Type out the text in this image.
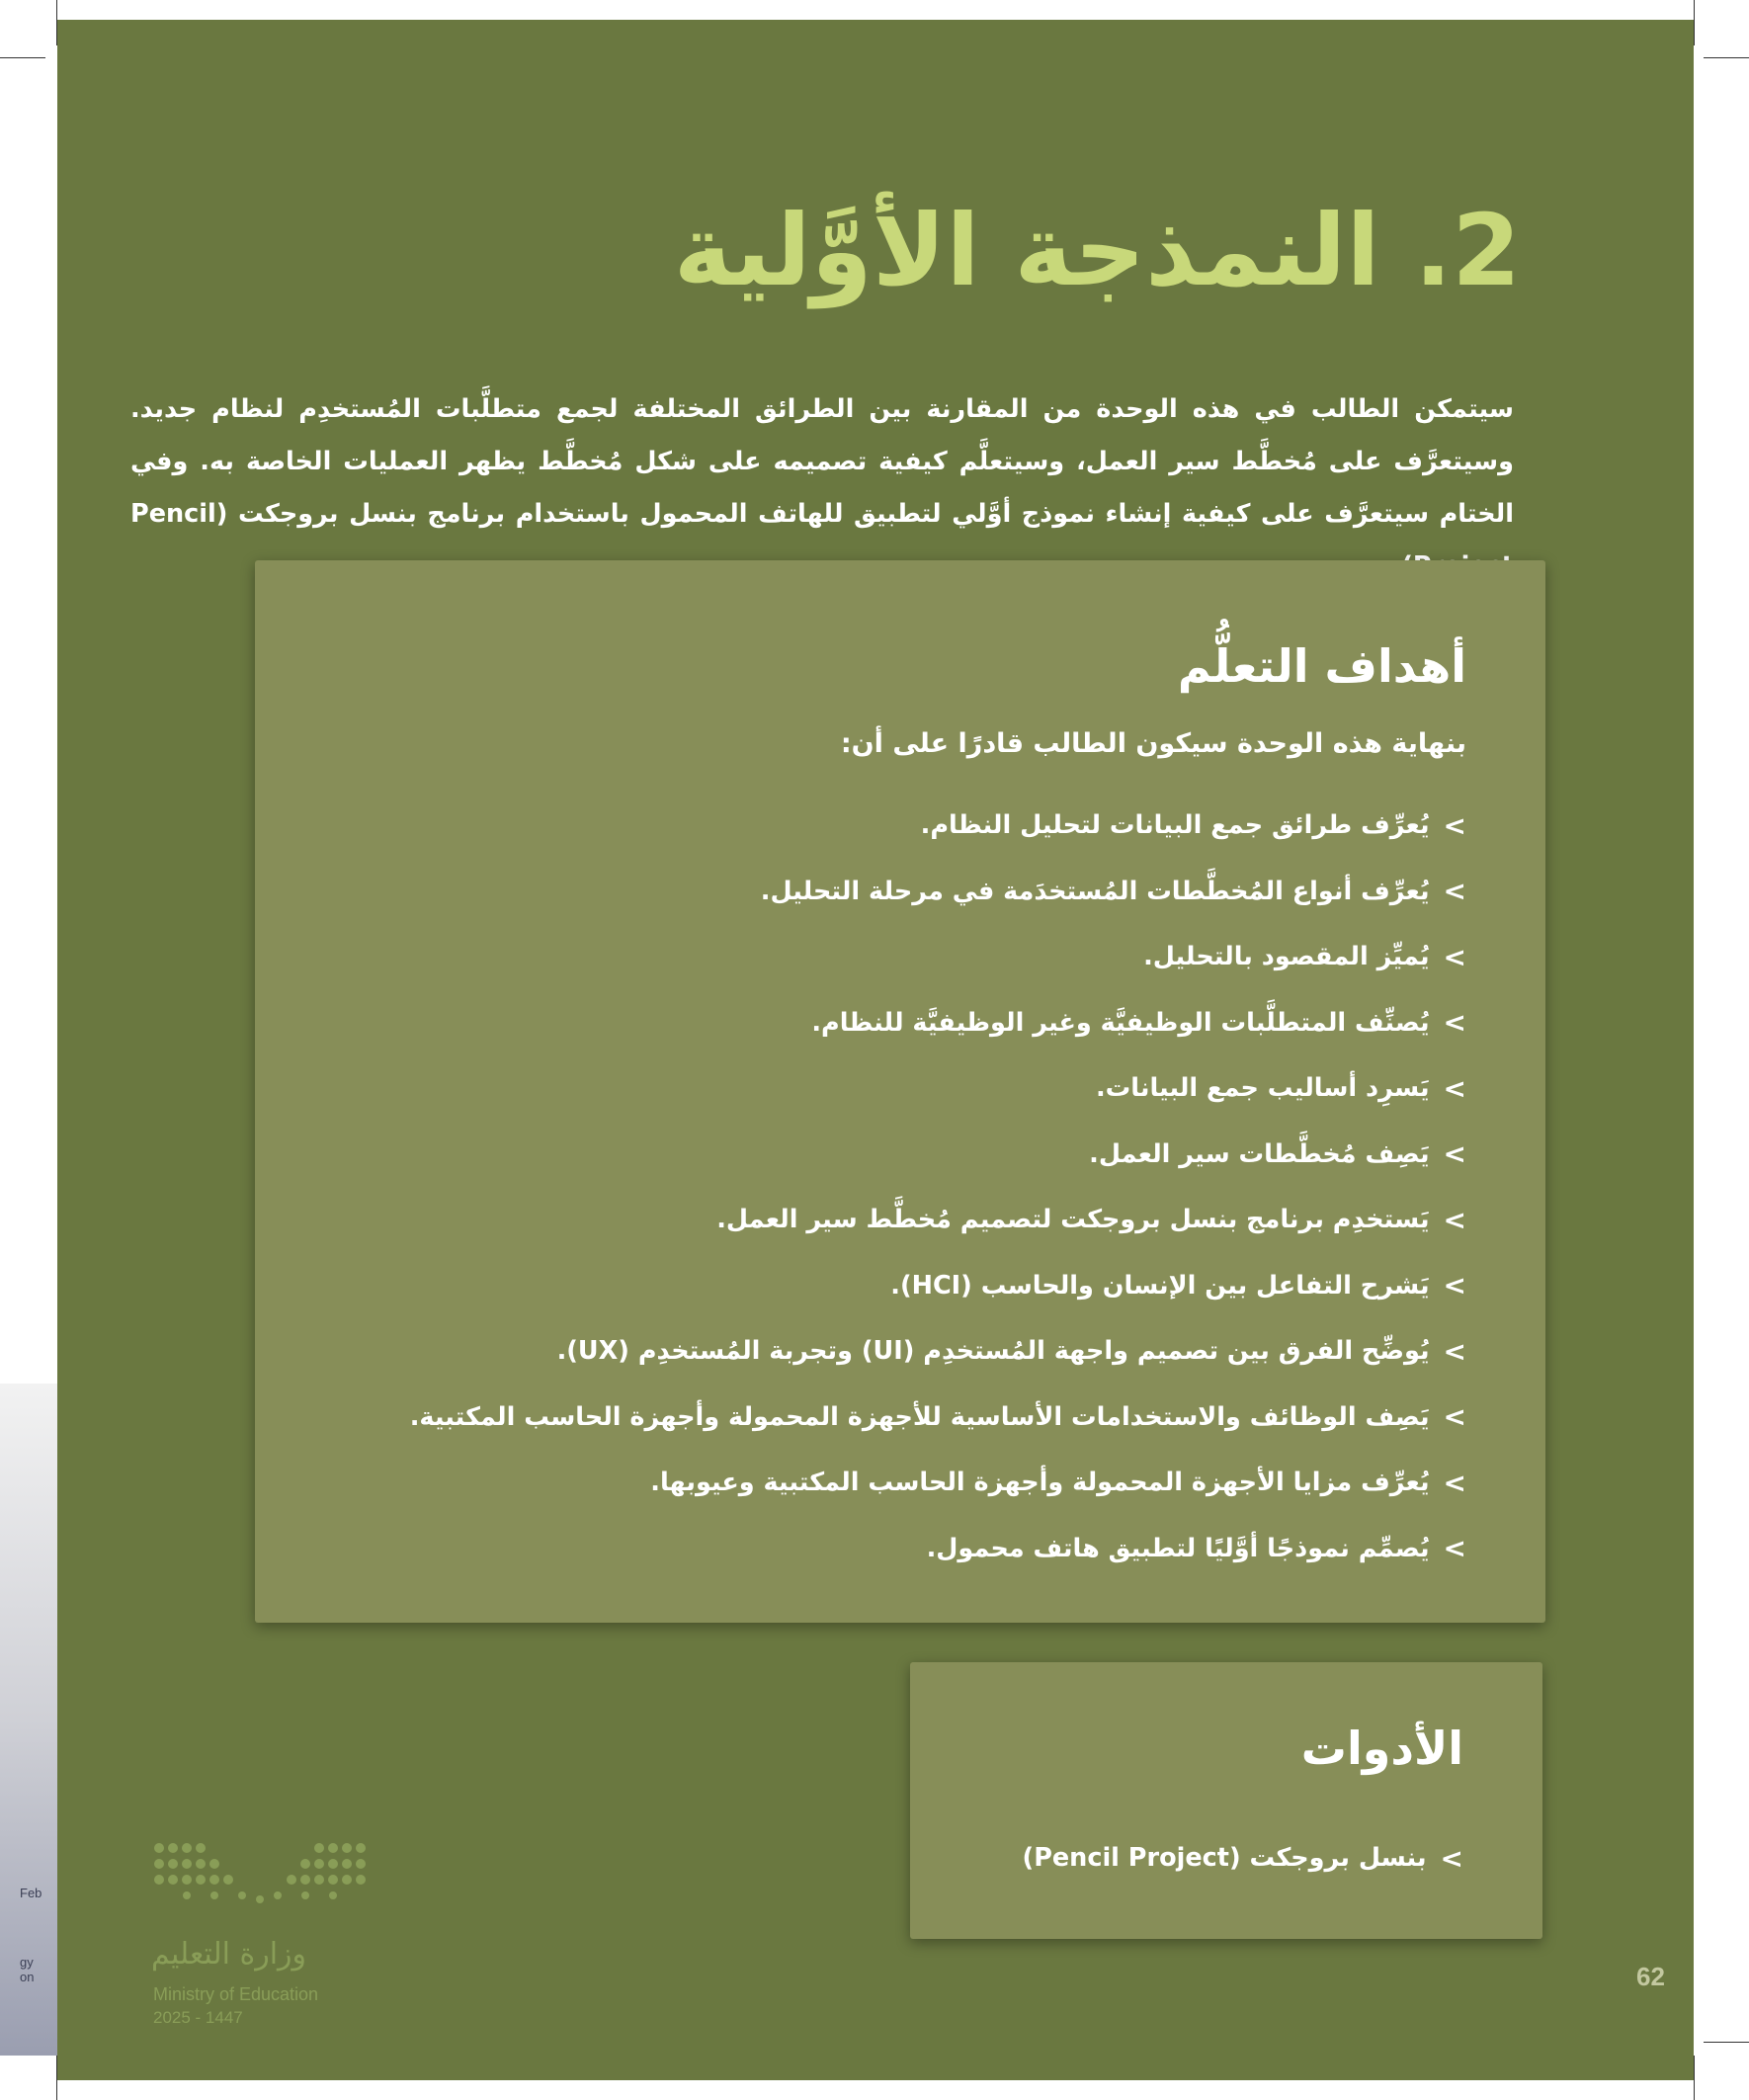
Feb
gy
on
2. النمذجة الأوَّلية
سيتمكن الطالب في هذه الوحدة من المقارنة بين الطرائق المختلفة لجمع متطلَّبات المُستخدِم لنظام جديد. وسيتعرَّف على مُخطَّط سير العمل، وسيتعلَّم كيفية تصميمه على شكل مُخطَّط يظهر العمليات الخاصة به. وفي الختام سيتعرَّف على كيفية إنشاء نموذج أوَّلي لتطبيق للهاتف المحمول باستخدام برنامج بنسل بروجكت (Pencil
أهداف التعلُّم

بنهاية هذه الوحدة سيكون الطالب قادرًا على أن:

>
يُعرِّف طرائق جمع البيانات لتحليل النظام.
>
يُعرِّف أنواع المُخطَّطات المُستخدَمة في مرحلة التحليل.
>
يُميِّز المقصود بالتحليل.
>
يُصنِّف المتطلَّبات الوظيفيَّة وغير الوظيفيَّة للنظام.
>
يَسرِد أساليب جمع البيانات.
>
يَصِف مُخطَّطات سير العمل.
>
يَستخدِم برنامج بنسل بروجكت لتصميم مُخطَّط سير العمل.
>
يَشرح التفاعل بين الإنسان والحاسب (HCI).
>
يُوضِّح الفرق بين تصميم واجهة المُستخدِم (UI) وتجربة المُستخدِم (UX).
>
يَصِف الوظائف والاستخدامات الأساسية للأجهزة المحمولة وأجهزة الحاسب المكتبية.
>
يُعرِّف مزايا الأجهزة المحمولة وأجهزة الحاسب المكتبية وعيوبها.
>
يُصمِّم نموذجًا أوَّليًا لتطبيق هاتف محمول.
الأدوات
>
بنسل بروجكت (Pencil Project)
وزارة التعليم
Ministry of Education
2025 - 1447
62
